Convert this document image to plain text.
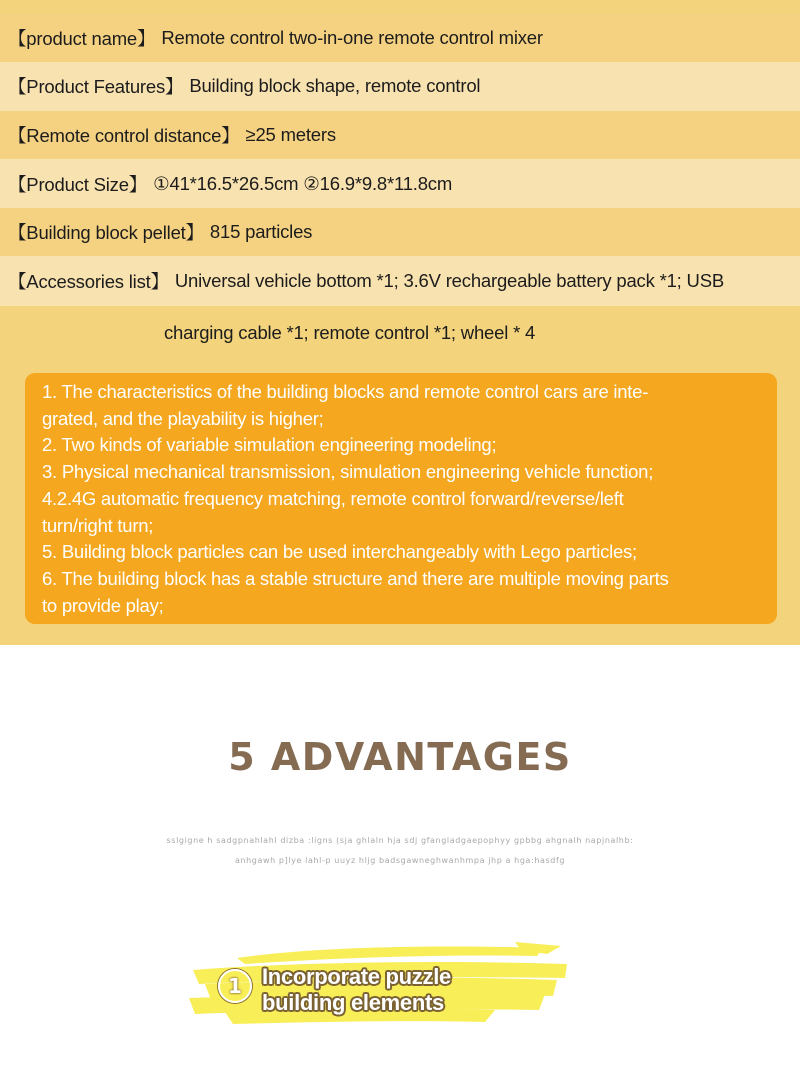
【product name】 Remote control two-in-one remote control mixer
【Product Features】 Building block shape, remote control
【Remote control distance】 ≥25 meters
【Product Size】 ①41*16.5*26.5cm ②16.9*9.8*11.8cm
【Building block pellet】 815 particles
【Accessories list】 Universal vehicle bottom *1; 3.6V rechargeable battery pack *1; USB
charging cable *1; remote control *1; wheel * 4
1. The characteristics of the building blocks and remote control cars are inte-
grated, and the playability is higher;
2. Two kinds of variable simulation engineering modeling;
3. Physical mechanical transmission, simulation engineering vehicle function;
4.2.4G automatic frequency matching, remote control forward/reverse/left
turn/right turn;
5. Building block particles can be used interchangeably with Lego particles;
6. The building block has a stable structure and there are multiple moving parts
to provide play;
5 ADVANTAGES
sslgigne h sadgpnahlahl dizba :ligns (sja ghlaln hja sdj gfangladgaepophyy gpbbg ahgnalh napjnalhb:
anhgawh p]lye lahl-p uuyz hljg badsgawneghwanhmpa jhp a hga:hasdfg
1 Incorporate puzzle
building elements
